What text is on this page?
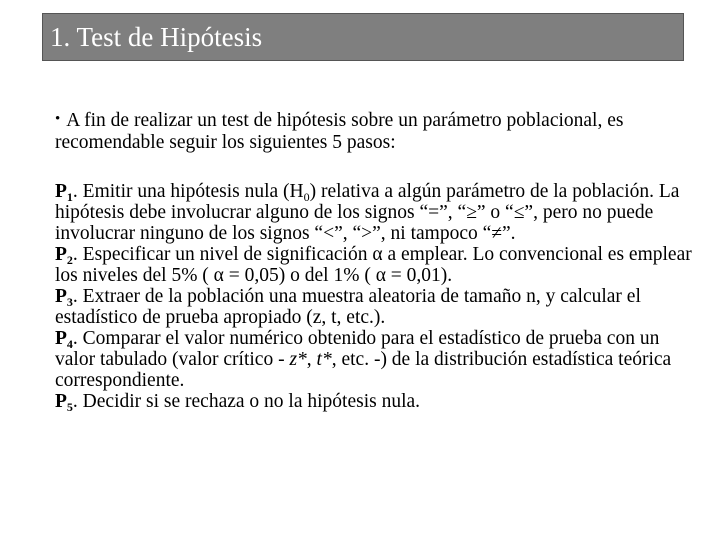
1. Test de Hipótesis
• A fin de realizar un test de hipótesis sobre un parámetro poblacional, es recomendable seguir los siguientes 5 pasos:

$P_1$. Emitir una hipótesis nula $(H_0)$ relativa a algún parámetro de la población. La hipótesis debe involucrar alguno de los signos “=”, “≥” o “≤”, pero no puede involucrar ninguno de los signos “<”, “>”, ni tampoco “≠”.

$P_2$. Especificar un nivel de significación α a emplear. Lo convencional es emplear los niveles del 5% ( α = 0,05) o del 1% ( α = 0,01).

$P_3$. Extraer de la población una muestra aleatoria de tamaño n, y calcular el estadístico de prueba apropiado (z, t, etc.).

$P_4$. Comparar el valor numérico obtenido para el estadístico de prueba con un valor tabulado (valor crítico - z*, t*, etc. -) de la distribución estadística teórica correspondiente.

$P_5$. Decidir si se rechaza o no la hipótesis nula.
